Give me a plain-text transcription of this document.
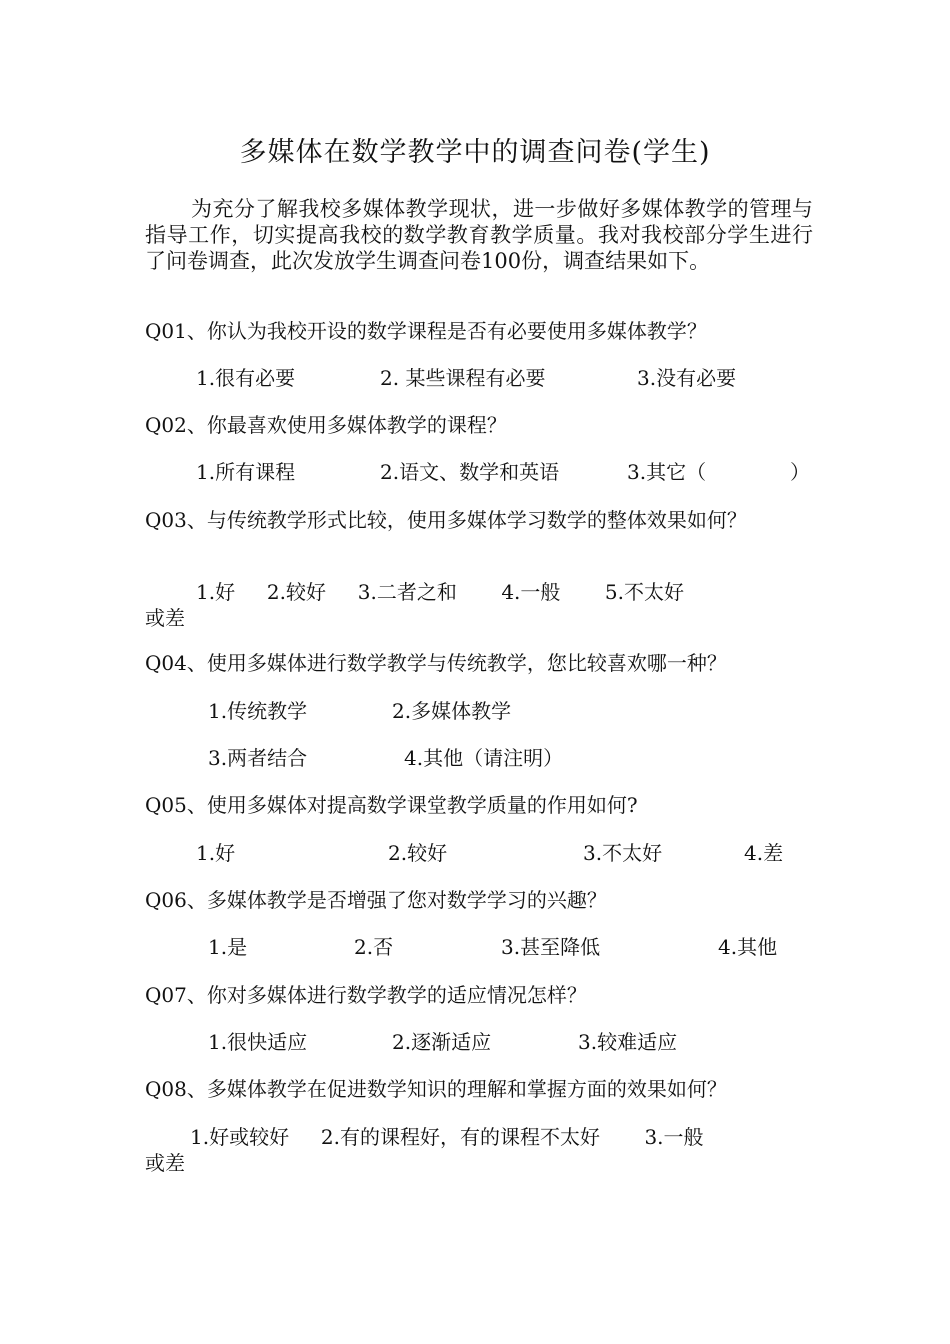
多媒体在数学教学中的调查问卷(学生)
为充分了解我校多媒体教学现状，进一步做好多媒体教学的管理与指导工作，切实提高我校的数学教育教学质量。我对我校部分学生进行了问卷调查，此次发放学生调查问卷100份，调查结果如下。
Q01、你认为我校开设的数学课程是否有必要使用多媒体教学？
1.很有必要	2. 某些课程有必要	3.没有必要
Q02、你最喜欢使用多媒体教学的课程？
1.所有课程	2.语文、数学和英语	3.其它（	）
Q03、与传统教学形式比较，使用多媒体学习数学的整体效果如何？
1.好     2.较好     3.二者之和       4.一般       5.不太好
或差
Q04、使用多媒体进行数学教学与传统教学，您比较喜欢哪一种？
1.传统教学	2.多媒体教学
3.两者结合	4.其他（请注明）
Q05、使用多媒体对提高数学课堂教学质量的作用如何?
1.好	2.较好	3.不太好	4.差
Q06、多媒体教学是否增强了您对数学学习的兴趣？
1.是	2.否	3.甚至降低	4.其他
Q07、你对多媒体进行数学教学的适应情况怎样？
1.很快适应	2.逐渐适应	3.较难适应
Q08、多媒体教学在促进数学知识的理解和掌握方面的效果如何？
1.好或较好     2.有的课程好，有的课程不太好       3.一般
或差
